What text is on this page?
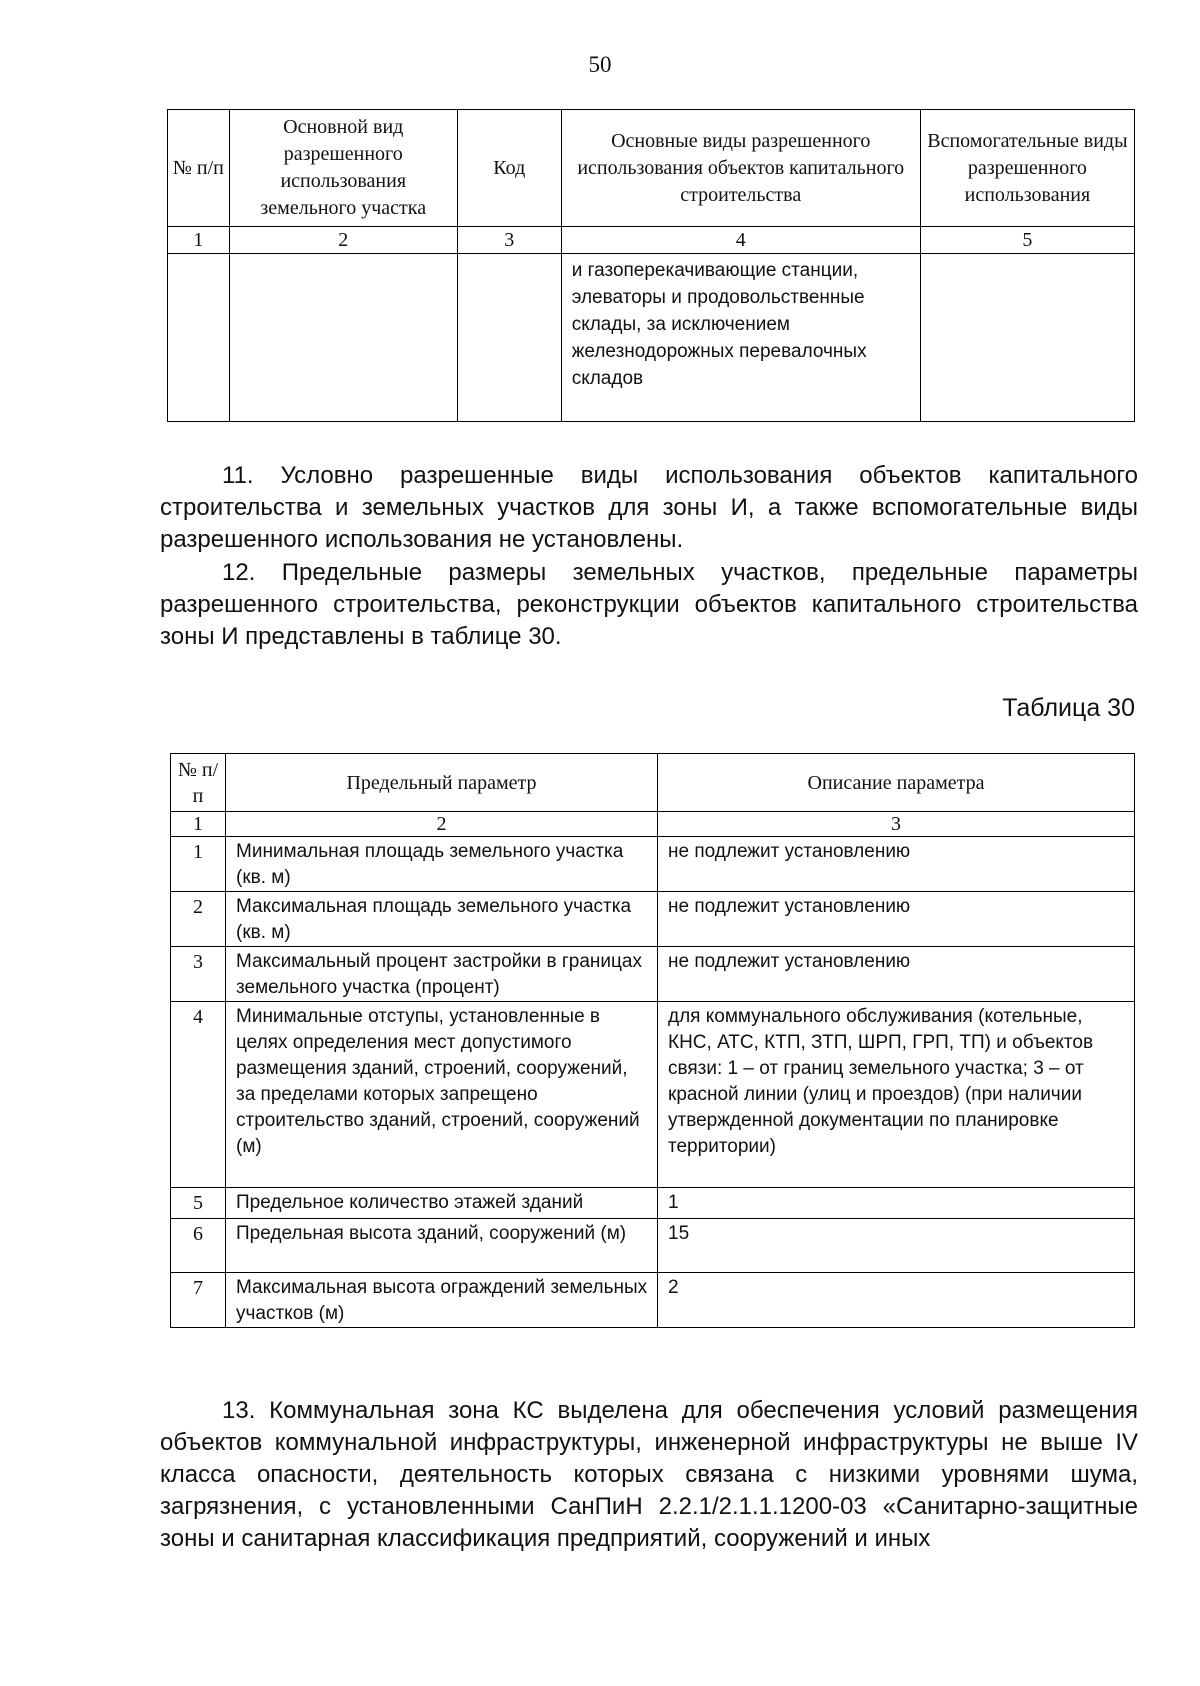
50
№ п/п	Основной вид разрешенного использования земельного участка	Код	Основные виды разрешенного использования объектов капитального строительства	Вспомогательные виды разрешенного использования
1	2	3	4	5
			и газоперекачивающие станции, элеваторы и продовольственные склады, за исключением железнодорожных перевалочных складов	

11. Условно разрешенные виды использования объектов капитального строительства и земельных участков для зоны И, а также вспомогательные виды разрешенного использования не установлены.

12. Предельные размеры земельных участков, предельные параметры разрешенного строительства, реконструкции объектов капитального строительства зоны И представлены в таблице 30.

Таблица 30
№ п/п	Предельный параметр	Описание параметра
1	2	3
1	Минимальная площадь земельного участка (кв. м)	не подлежит установлению
2	Максимальная площадь земельного участка (кв. м)	не подлежит установлению
3	Максимальный процент застройки в границах земельного участка (процент)	не подлежит установлению
4	Минимальные отступы, установленные в целях определения мест допустимого размещения зданий, строений, сооружений, за пределами которых запрещено строительство зданий, строений, сооружений (м)	для коммунального обслуживания (котельные, КНС, АТС, КТП, ЗТП, ШРП, ГРП, ТП) и объектов связи: 1 – от границ земельного участка; 3 – от красной линии (улиц и проездов) (при наличии утвержденной документации по планировке территории)
5	Предельное количество этажей зданий	1
6	Предельная высота зданий, сооружений (м)	15
7	Максимальная высота ограждений земельных участков (м)	2

13. Коммунальная зона КС выделена для обеспечения условий размещения объектов коммунальной инфраструктуры, инженерной инфраструктуры не выше IV класса опасности, деятельность которых связана с низкими уровнями шума, загрязнения, с установленными СанПиН 2.2.1/2.1.1.1200-03 «Санитарно-защитные зоны и санитарная классификация предприятий, сооружений и иных
